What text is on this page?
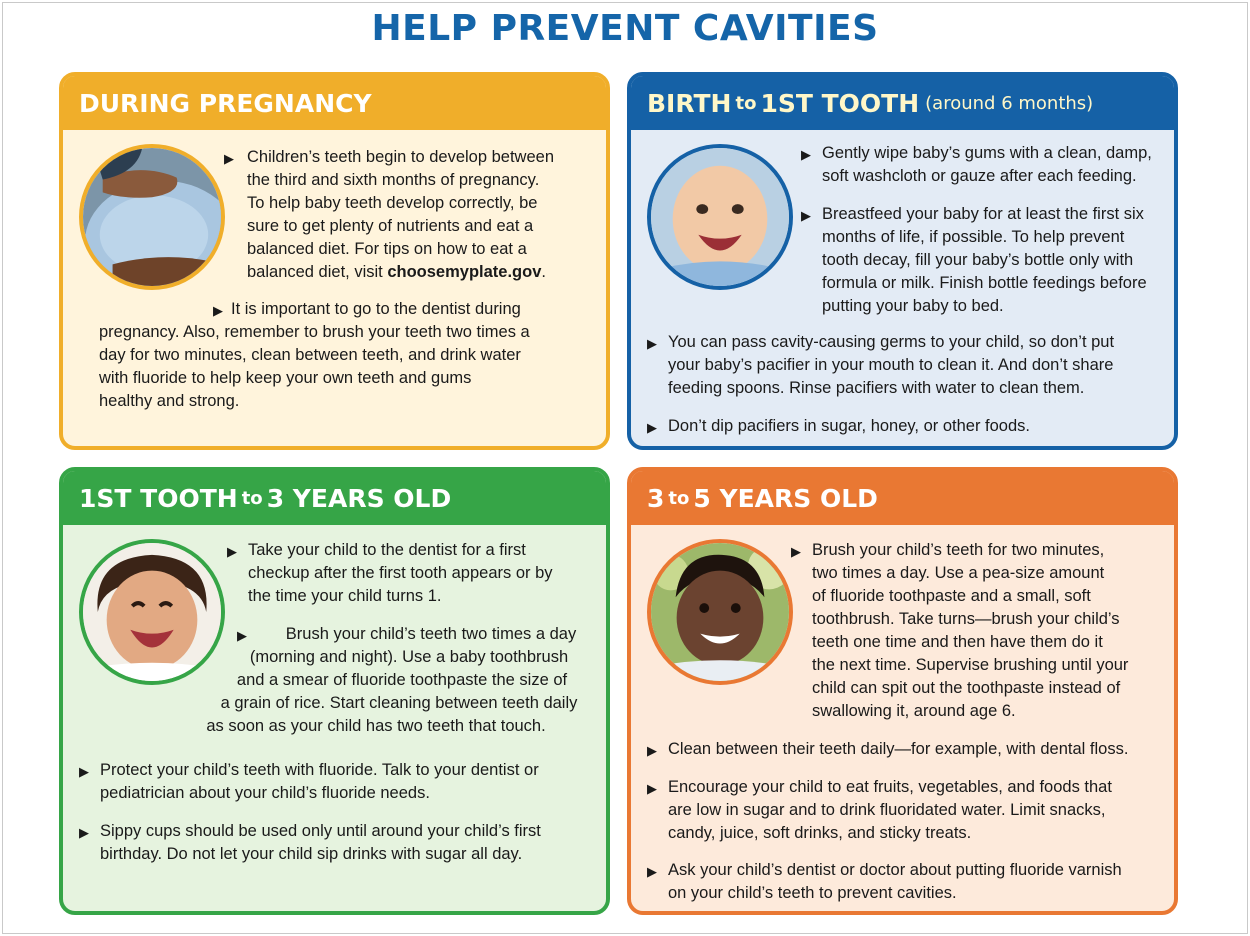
HELP PREVENT CAVITIES
DURING PREGNANCY
▶ Children’s teeth begin to develop between
the third and sixth months of pregnancy.
To help baby teeth develop correctly, be
sure to get plenty of nutrients and eat a
balanced diet. For tips on how to eat a
balanced diet, visit choosemyplate.gov.
▶ It is important to go to the dentist during
pregnancy. Also, remember to brush your teeth two times a
day for two minutes, clean between teeth, and drink water
with fluoride to help keep your own teeth and gums
healthy and strong.
BIRTH to 1ST TOOTH (around 6 months)
▶ Gently wipe baby’s gums with a clean, damp,
soft washcloth or gauze after each feeding.
▶ Breastfeed your baby for at least the first six
months of life, if possible. To help prevent
tooth decay, fill your baby’s bottle only with
formula or milk. Finish bottle feedings before
putting your baby to bed.
▶ You can pass cavity-causing germs to your child, so don’t put
your baby’s pacifier in your mouth to clean it. And don’t share
feeding spoons. Rinse pacifiers with water to clean them.
▶ Don’t dip pacifiers in sugar, honey, or other foods.
1ST TOOTH to 3 YEARS OLD
▶ Take your child to the dentist for a first
checkup after the first tooth appears or by
the time your child turns 1.
▶	Brush your child’s teeth two times a day
(morning and night). Use a baby toothbrush
and a smear of fluoride toothpaste the size of
a grain of rice. Start cleaning between teeth daily
as soon as your child has two teeth that touch.
▶ Protect your child’s teeth with fluoride. Talk to your dentist or
pediatrician about your child’s fluoride needs.
▶ Sippy cups should be used only until around your child’s first
birthday. Do not let your child sip drinks with sugar all day.
3 to 5 YEARS OLD
▶ Brush your child’s teeth for two minutes,
two times a day. Use a pea-size amount
of fluoride toothpaste and a small, soft
toothbrush. Take turns—brush your child’s
teeth one time and then have them do it
the next time. Supervise brushing until your
child can spit out the toothpaste instead of
swallowing it, around age 6.
▶ Clean between their teeth daily—for example, with dental floss.
▶ Encourage your child to eat fruits, vegetables, and foods that
are low in sugar and to drink fluoridated water. Limit snacks,
candy, juice, soft drinks, and sticky treats.
▶ Ask your child’s dentist or doctor about putting fluoride varnish
on your child’s teeth to prevent cavities.
